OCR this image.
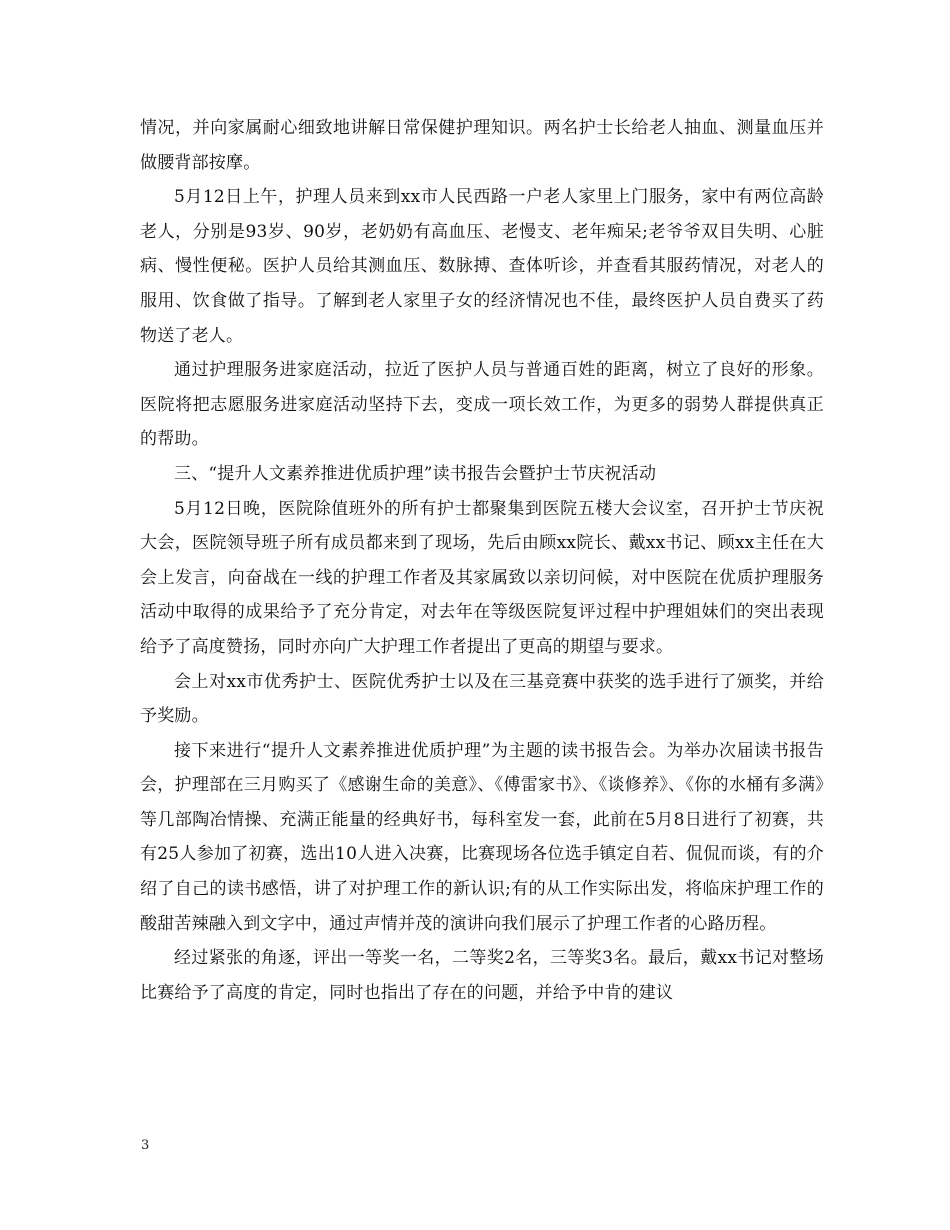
情况，并向家属耐心细致地讲解日常保健护理知识。两名护士长给老人抽血、测量血压并做腰背部按摩。

5月12日上午，护理人员来到xx市人民西路一户老人家里上门服务，家中有两位高龄老人，分别是93岁、90岁，老奶奶有高血压、老慢支、老年痴呆;老爷爷双目失明、心脏病、慢性便秘。医护人员给其测血压、数脉搏、查体听诊，并查看其服药情况，对老人的服用、饮食做了指导。了解到老人家里子女的经济情况也不佳，最终医护人员自费买了药物送了老人。

通过护理服务进家庭活动，拉近了医护人员与普通百姓的距离，树立了良好的形象。医院将把志愿服务进家庭活动坚持下去，变成一项长效工作，为更多的弱势人群提供真正的帮助。

三、“提升人文素养推进优质护理”读书报告会暨护士节庆祝活动

5月12日晚，医院除值班外的所有护士都聚集到医院五楼大会议室，召开护士节庆祝大会，医院领导班子所有成员都来到了现场，先后由顾xx院长、戴xx书记、顾xx主任在大会上发言，向奋战在一线的护理工作者及其家属致以亲切问候，对中医院在优质护理服务活动中取得的成果给予了充分肯定，对去年在等级医院复评过程中护理姐妹们的突出表现给予了高度赞扬，同时亦向广大护理工作者提出了更高的期望与要求。

会上对xx市优秀护士、医院优秀护士以及在三基竞赛中获奖的选手进行了颁奖，并给予奖励。

接下来进行“提升人文素养推进优质护理”为主题的读书报告会。为举办次届读书报告会，护理部在三月购买了《感谢生命的美意》、《傅雷家书》、《谈修养》、《你的水桶有多满》等几部陶冶情操、充满正能量的经典好书，每科室发一套，此前在5月8日进行了初赛，共有25人参加了初赛，选出10人进入决赛，比赛现场各位选手镇定自若、侃侃而谈，有的介绍了自己的读书感悟，讲了对护理工作的新认识;有的从工作实际出发，将临床护理工作的酸甜苦辣融入到文字中，通过声情并茂的演讲向我们展示了护理工作者的心路历程。

经过紧张的角逐，评出一等奖一名，二等奖2名，三等奖3名。最后，戴xx书记对整场比赛给予了高度的肯定，同时也指出了存在的问题，并给予中肯的建议

3
